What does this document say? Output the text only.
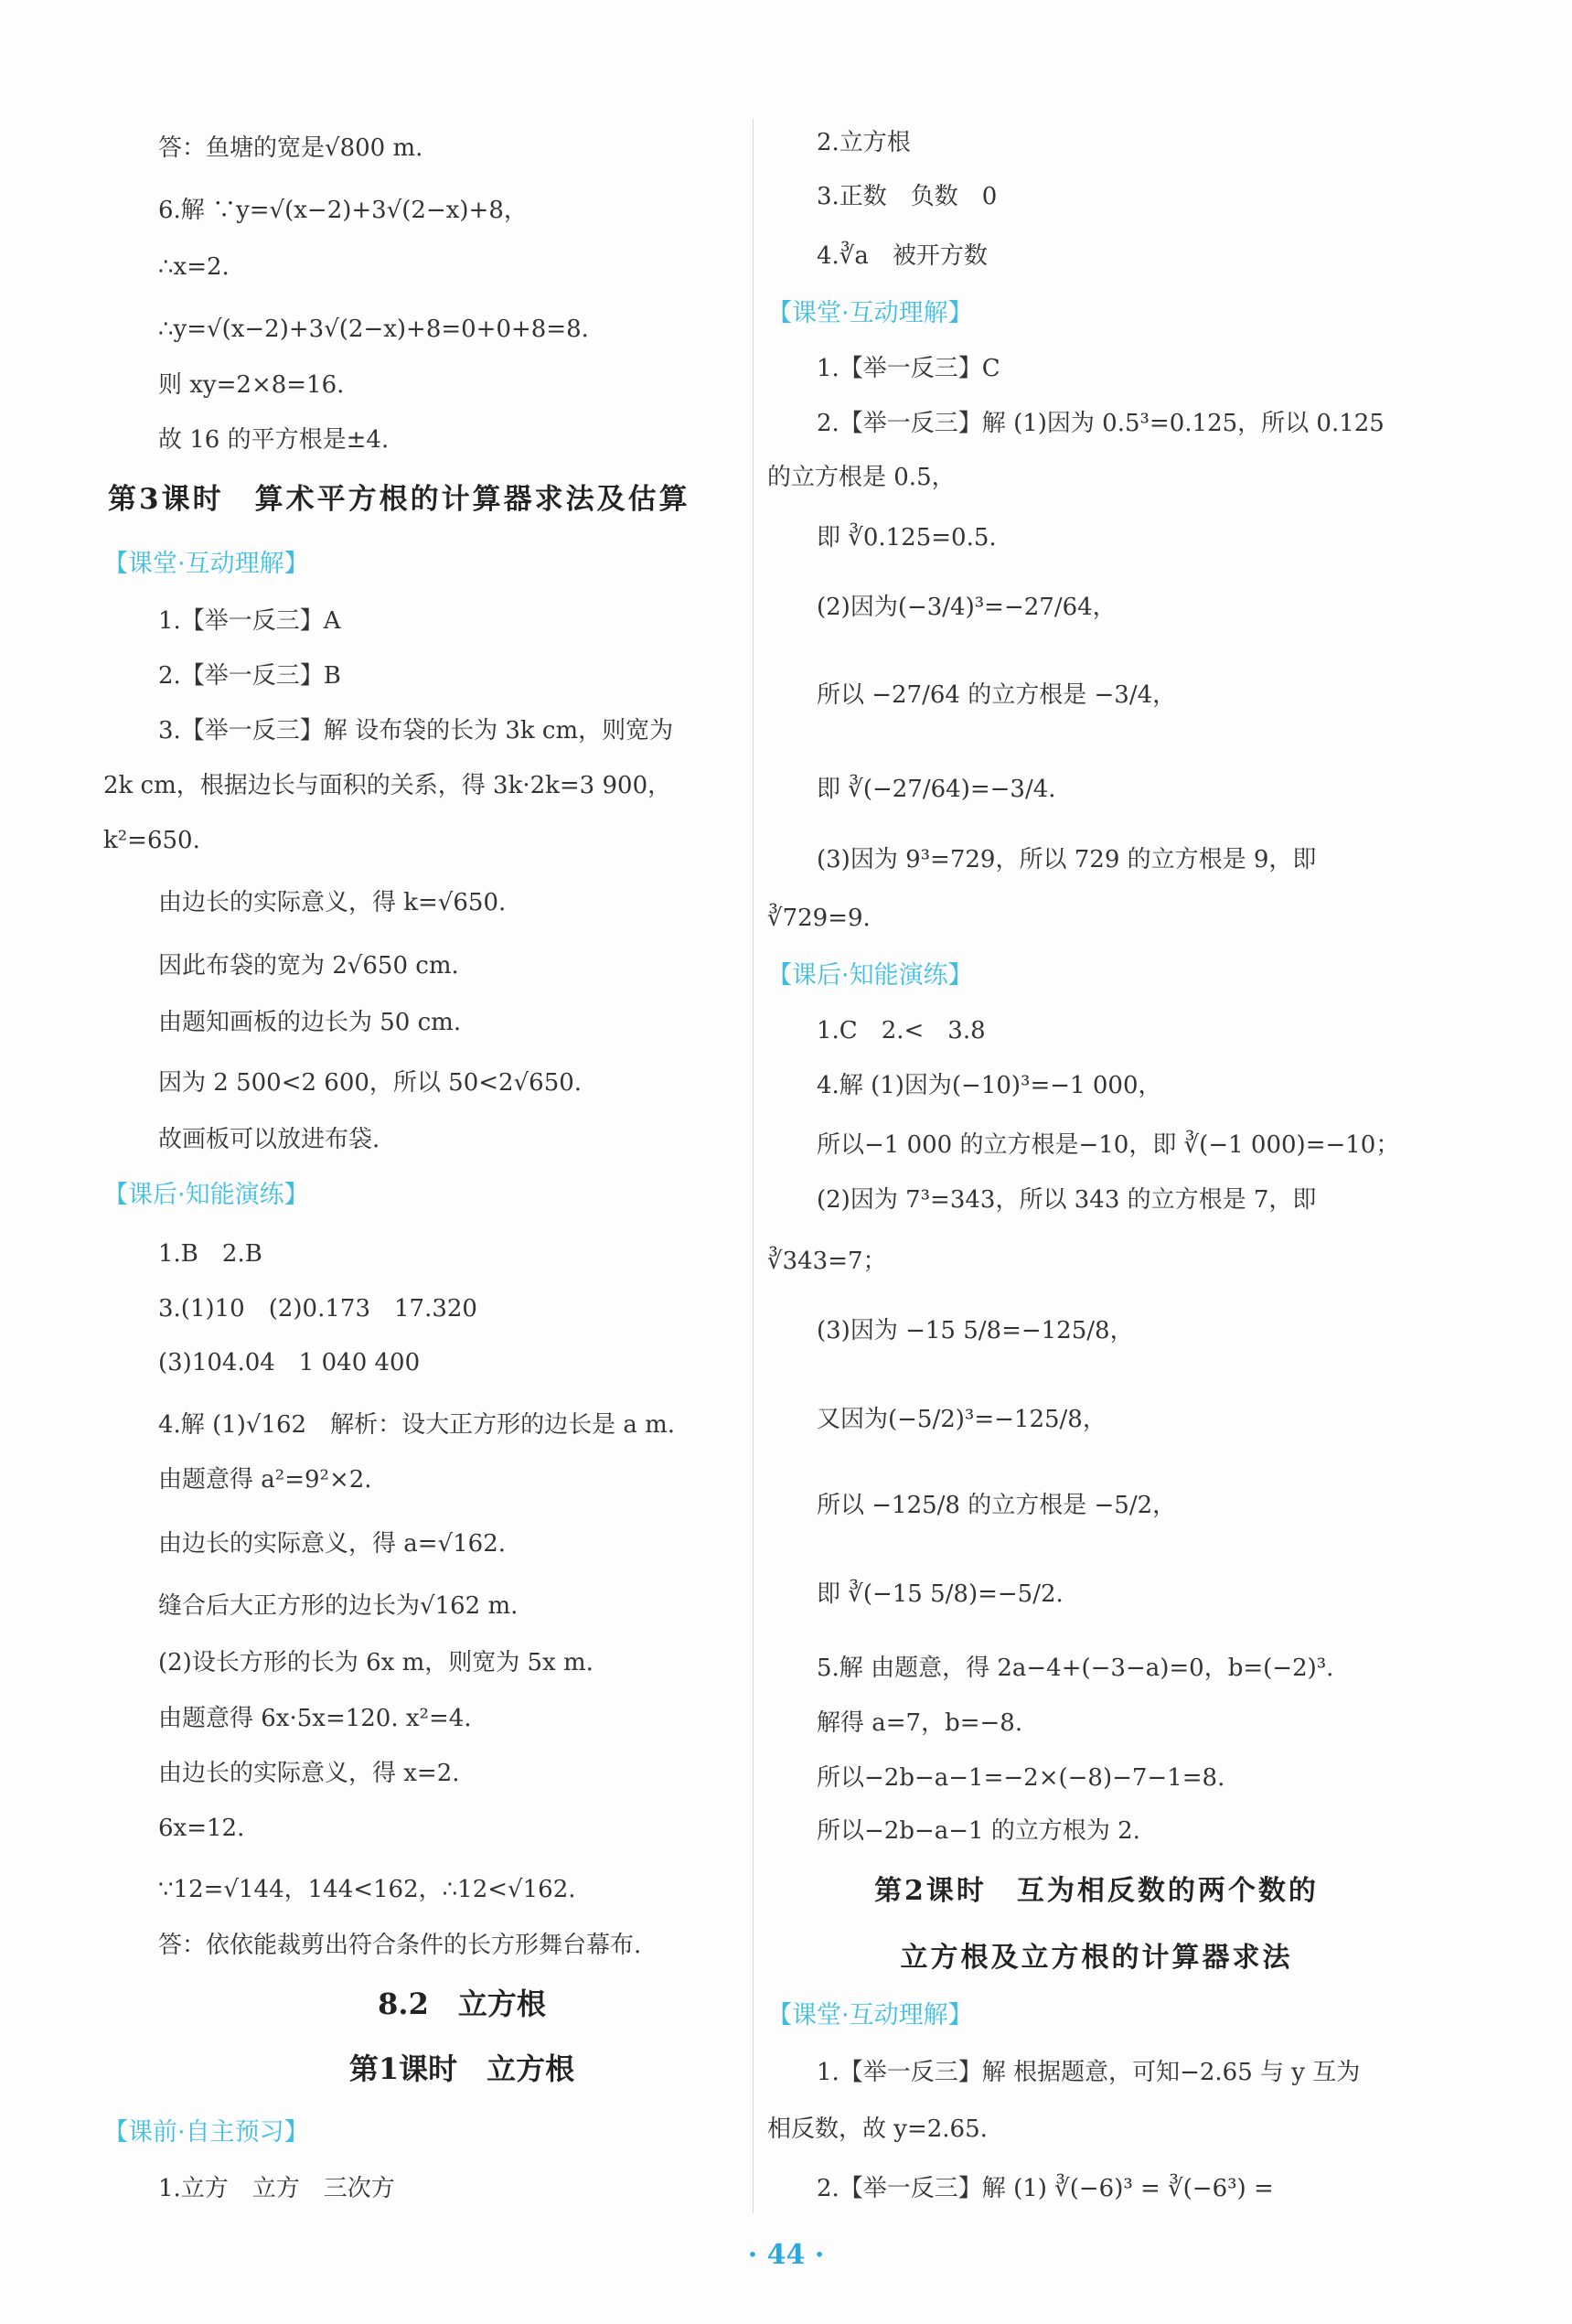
答：鱼塘的宽是√800 m.
6.解 ∵y=√(x−2)+3√(2−x)+8，
∴x=2.
∴y=√(x−2)+3√(2−x)+8=0+0+8=8.
则 xy=2×8=16.
故 16 的平方根是±4.
第3课时　算术平方根的计算器求法及估算
【课堂·互动理解】
1.【举一反三】A
2.【举一反三】B
3.【举一反三】解 设布袋的长为 3k cm，则宽为
2k cm，根据边长与面积的关系，得 3k·2k=3 900，
k²=650.
由边长的实际意义，得 k=√650.
因此布袋的宽为 2√650 cm.
由题知画板的边长为 50 cm.
因为 2 500<2 600，所以 50<2√650.
故画板可以放进布袋.
【课后·知能演练】
1.B　2.B
3.(1)10　(2)0.173　17.320
(3)104.04　1 040 400
4.解 (1)√162　解析：设大正方形的边长是 a m.
由题意得 a²=9²×2.
由边长的实际意义，得 a=√162.
缝合后大正方形的边长为√162 m.
(2)设长方形的长为 6x m，则宽为 5x m.
由题意得 6x·5x=120. x²=4.
由边长的实际意义，得 x=2.
6x=12.
∵12=√144，144<162，∴12<√162.
答：依依能裁剪出符合条件的长方形舞台幕布.
8.2　立方根
第1课时　立方根
【课前·自主预习】
1.立方　立方　三次方
2.立方根
3.正数　负数　0
4.∛a　被开方数
【课堂·互动理解】
1.【举一反三】C
2.【举一反三】解 (1)因为 0.5³=0.125，所以 0.125
的立方根是 0.5，
即 ∛0.125=0.5.
(2)因为(−3/4)³=−27/64，
所以 −27/64 的立方根是 −3/4，
即 ∛(−27/64)=−3/4.
(3)因为 9³=729，所以 729 的立方根是 9，即
∛729=9.
【课后·知能演练】
1.C　2.<　3.8
4.解 (1)因为(−10)³=−1 000，
所以−1 000 的立方根是−10，即 ∛(−1 000)=−10；
(2)因为 7³=343，所以 343 的立方根是 7，即
∛343=7；
(3)因为 −15 5/8=−125/8，
又因为(−5/2)³=−125/8，
所以 −125/8 的立方根是 −5/2，
即 ∛(−15 5/8)=−5/2.
5.解 由题意，得 2a−4+(−3−a)=0，b=(−2)³.
解得 a=7，b=−8.
所以−2b−a−1=−2×(−8)−7−1=8.
所以−2b−a−1 的立方根为 2.
第2课时　互为相反数的两个数的
立方根及立方根的计算器求法
【课堂·互动理解】
1.【举一反三】解 根据题意，可知−2.65 与 y 互为
相反数，故 y=2.65.
2.【举一反三】解 (1) ∛(−6)³ = ∛(−6³) =
· 44 ·
